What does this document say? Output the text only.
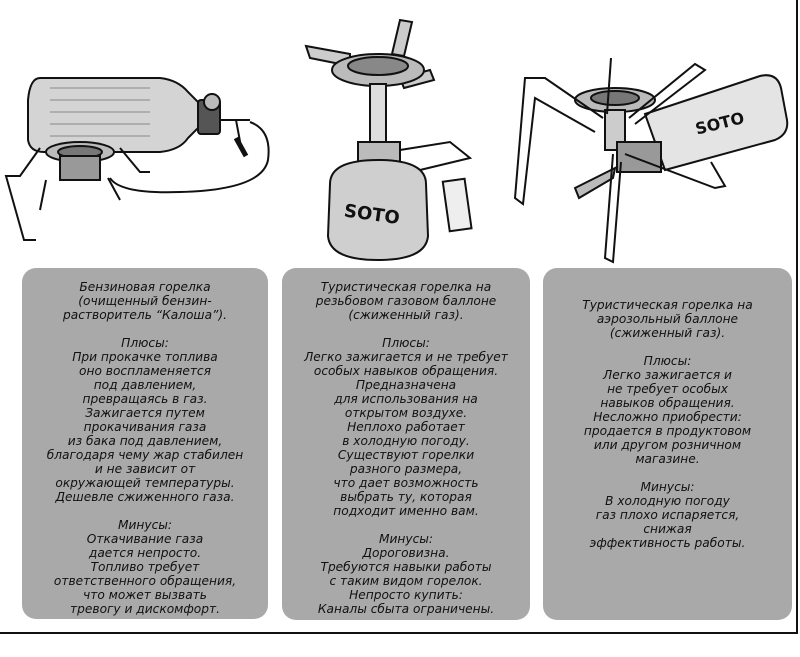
SOTO
SOTO

Бензиновая горелка
(очищенный бензин-
растворитель “Калоша”).

Плюсы:

При прокачке топлива
оно воспламеняется
под давлением,
превращаясь в газ.
Зажигается путем
прокачивания газа
из бака под давлением,
благодаря чему жар стабилен
и не зависит от
окружающей температуры.
Дешевле сжиженного газа.

Минусы:

Откачивание газа
дается непросто.
Топливо требует
ответственного обращения,
что может вызвать
тревогу и дискомфорт.

Туристическая горелка на
резьбовом газовом баллоне
(сжиженный газ).

Плюсы:

Легко зажигается и не требует
особых навыков обращения.
Предназначена
для использования на
открытом воздухе.
Неплохо работает
в холодную погоду.
Существуют горелки
разного размера,
что дает возможность
выбрать ту, которая
подходит именно вам.

Минусы:

Дороговизна.
Требуются навыки работы
с таким видом горелок.
Непросто купить:
Каналы сбыта ограничены.

Туристическая горелка на
аэрозольный баллоне
(сжиженный газ).

Плюсы:

Легко зажигается и
не требует особых
навыков обращения.
Несложно приобрести:
продается в продуктовом
или другом розничном
магазине.

Минусы:

В холодную погоду
газ плохо испаряется,
снижая
эффективность работы.
